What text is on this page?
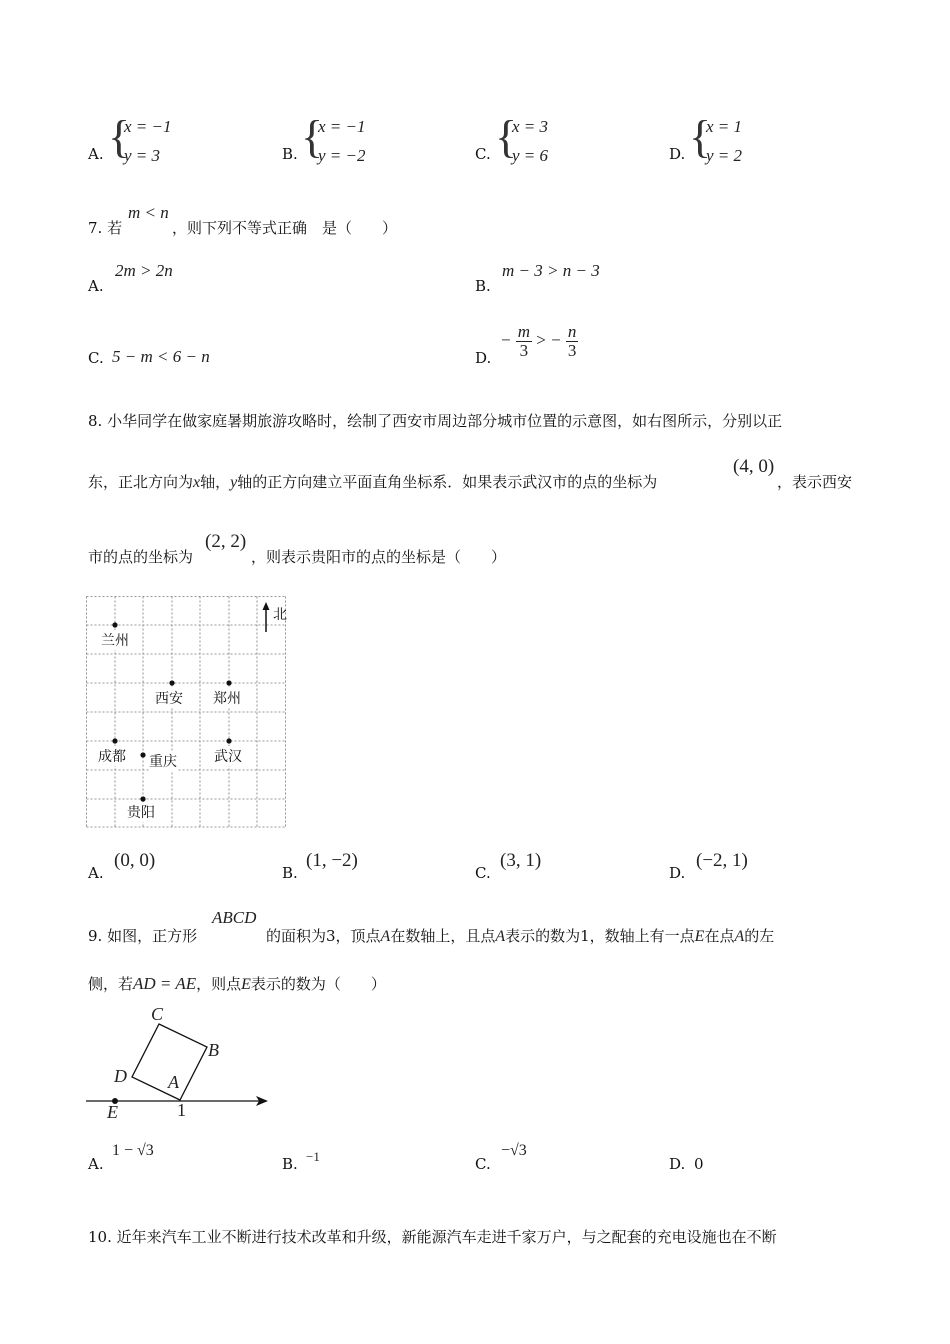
A. {
x = −1
y = 3	B. {
x = −1
y = −2	C. {
x = 3
y = 6	D. {
x = 1
y = 2
7. 若
m < n
，则下列不等式正确　是（　　）
A.
2m > 2n
B.
m − 3 > n − 3
C. 5 − m < 6 − n	D.
− $\frac{m}{3}$ > − $\frac{n}{3}$
8. 小华同学在做家庭暑期旅游攻略时，绘制了西安市周边部分城市位置的示意图，如右图所示，分别以正
东，正北方向为x轴，y轴的正方向建立平面直角坐标系．如果表示武汉市的点的坐标为
(4, 0)
，表示西安
市的点的坐标为
(2, 2)
，则表示贵阳市的点的坐标是（　　）
北
兰州
西安 郑州
成都 重庆	武汉
贵阳
A.
(0, 0)
B.
(1, −2)
C.
(3, 1)
D.
(−2, 1)
9. 如图，正方形
ABCD
的面积为3，顶点A在数轴上，且点A表示的数为1，数轴上有一点E在点A的左
侧，若AD = AE，则点E表示的数为（　　）
C
B
D A
E	1
A.
1 − √3
B. −1	C.
−√3
D. 0
10. 近年来汽车工业不断进行技术改革和升级，新能源汽车走进千家万户，与之配套的充电设施也在不断
